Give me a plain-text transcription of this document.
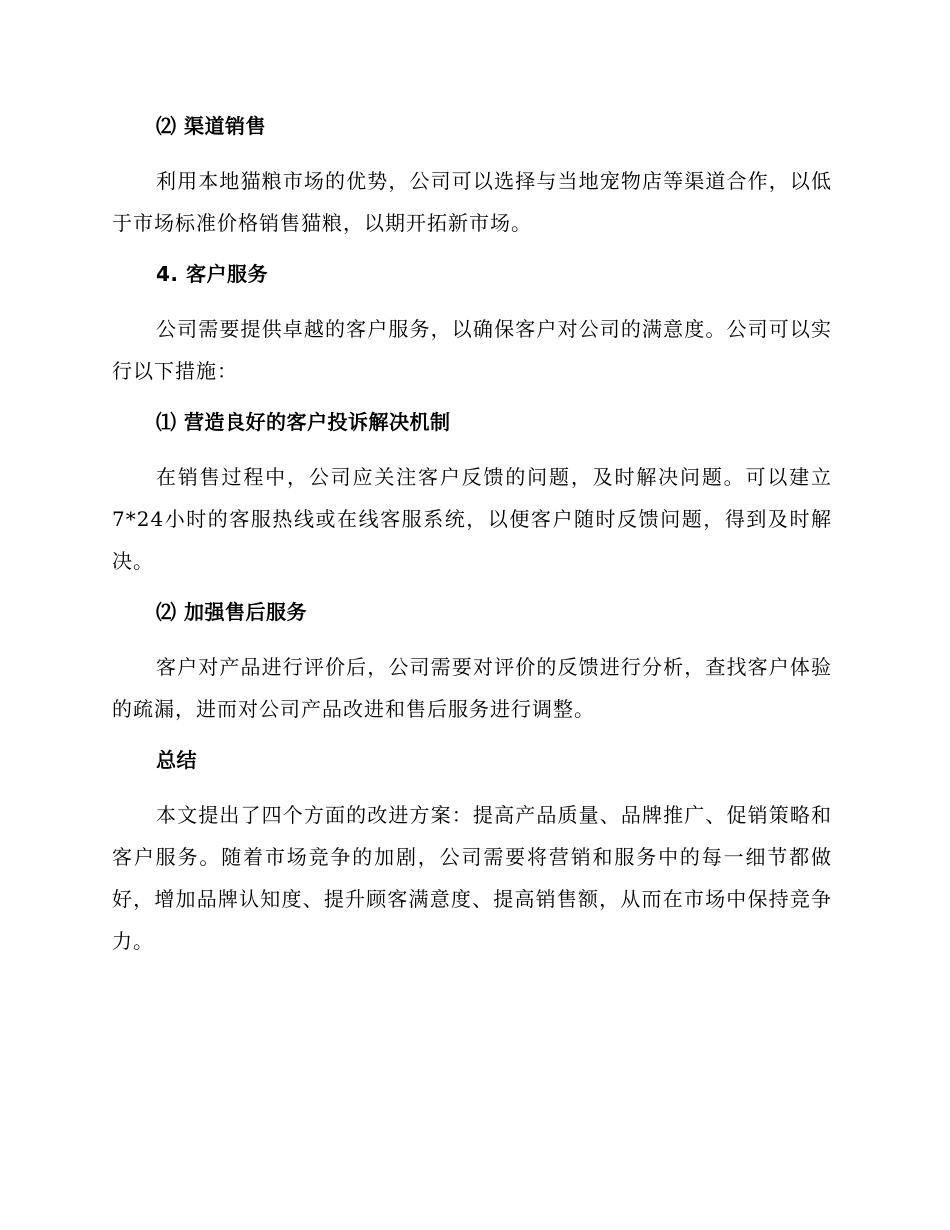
⑵ 渠道销售

利用本地猫粮市场的优势，公司可以选择与当地宠物店等渠道合作，以低于市场标准价格销售猫粮，以期开拓新市场。

4. 客户服务

公司需要提供卓越的客户服务，以确保客户对公司的满意度。公司可以实行以下措施：

⑴ 营造良好的客户投诉解决机制

在销售过程中，公司应关注客户反馈的问题，及时解决问题。可以建立7*24小时的客服热线或在线客服系统，以便客户随时反馈问题，得到及时解决。

⑵ 加强售后服务

客户对产品进行评价后，公司需要对评价的反馈进行分析，查找客户体验的疏漏，进而对公司产品改进和售后服务进行调整。

总结

本文提出了四个方面的改进方案：提高产品质量、品牌推广、促销策略和客户服务。随着市场竞争的加剧，公司需要将营销和服务中的每一细节都做好，增加品牌认知度、提升顾客满意度、提高销售额，从而在市场中保持竞争力。
